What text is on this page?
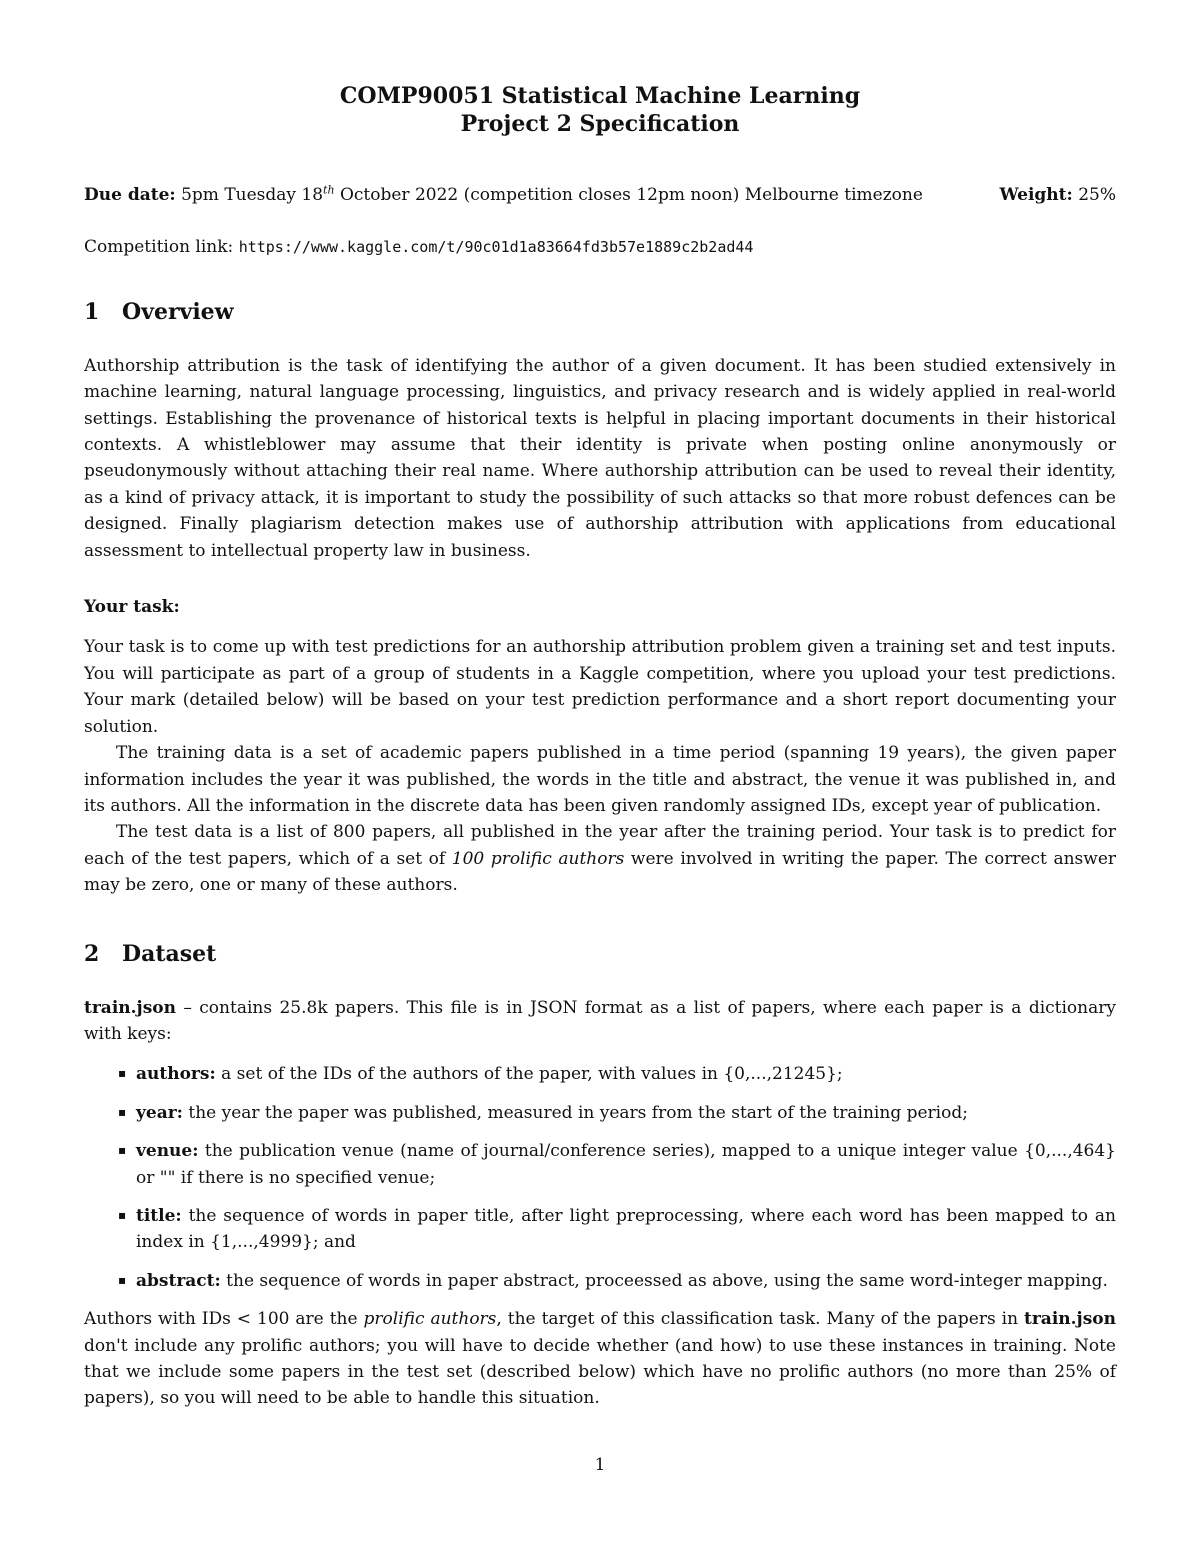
COMP90051 Statistical Machine Learning
Project 2 Specification
Due date: 5pm Tuesday 18th October 2022 (competition closes 12pm noon) Melbourne timezone	Weight: 25%
Competition link: https://www.kaggle.com/t/90c01d1a83664fd3b57e1889c2b2ad44
1 Overview

Authorship attribution is the task of identifying the author of a given document. It has been studied extensively in machine learning, natural language processing, linguistics, and privacy research and is widely applied in real-world settings. Establishing the provenance of historical texts is helpful in placing important documents in their historical contexts. A whistleblower may assume that their identity is private when posting online anonymously or pseudonymously without attaching their real name. Where authorship attribution can be used to reveal their identity, as a kind of privacy attack, it is important to study the possibility of such attacks so that more robust defences can be designed. Finally plagiarism detection makes use of authorship attribution with applications from educational assessment to intellectual property law in business.

Your task:

Your task is to come up with test predictions for an authorship attribution problem given a training set and test inputs. You will participate as part of a group of students in a Kaggle competition, where you upload your test predictions. Your mark (detailed below) will be based on your test prediction performance and a short report documenting your solution.

The training data is a set of academic papers published in a time period (spanning 19 years), the given paper information includes the year it was published, the words in the title and abstract, the venue it was published in, and its authors. All the information in the discrete data has been given randomly assigned IDs, except year of publication.

The test data is a list of 800 papers, all published in the year after the training period. Your task is to predict for each of the test papers, which of a set of 100 prolific authors were involved in writing the paper. The correct answer may be zero, one or many of these authors.

2 Dataset

train.json – contains 25.8k papers. This file is in JSON format as a list of papers, where each paper is a dictionary with keys:

▪ authors: a set of the IDs of the authors of the paper, with values in {0,...,21245};
▪ year: the year the paper was published, measured in years from the start of the training period;
▪ venue: the publication venue (name of journal/conference series), mapped to a unique integer value {0,...,464} or "" if there is no specified venue;
▪ title: the sequence of words in paper title, after light preprocessing, where each word has been mapped to an index in {1,...,4999}; and
▪ abstract: the sequence of words in paper abstract, proceessed as above, using the same word-integer mapping.

Authors with IDs < 100 are the prolific authors, the target of this classification task. Many of the papers in train.json don't include any prolific authors; you will have to decide whether (and how) to use these instances in training. Note that we include some papers in the test set (described below) which have no prolific authors (no more than 25% of papers), so you will need to be able to handle this situation.

1
